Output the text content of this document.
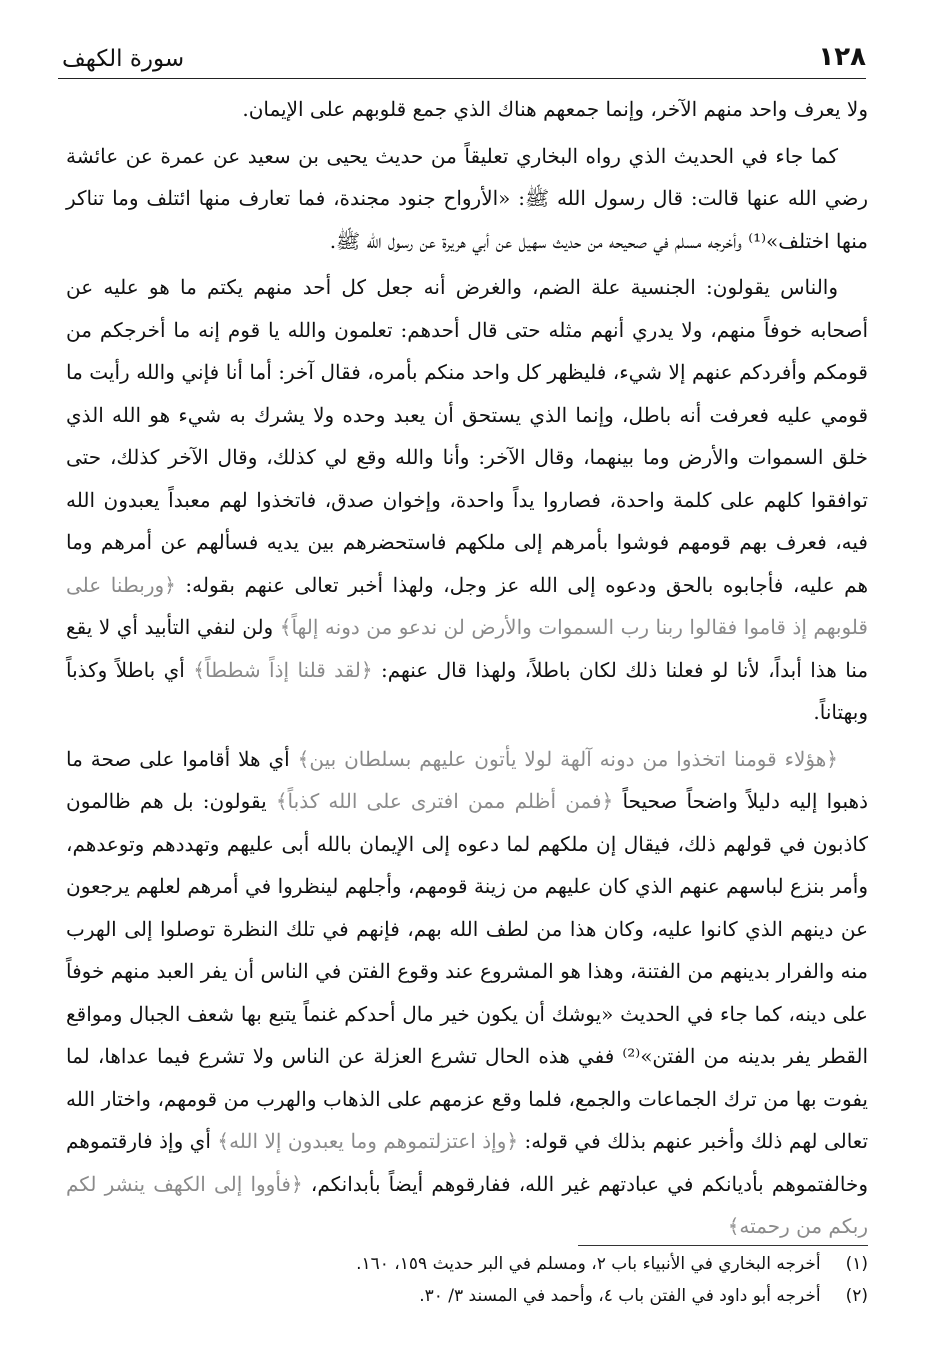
١٢٨
سورة الكهف

ولا يعرف واحد منهم الآخر، وإنما جمعهم هناك الذي جمع قلوبهم على الإيمان.

كما جاء في الحديث الذي رواه البخاري تعليقاً من حديث يحيى بن سعيد عن عمرة عن عائشة رضي الله عنها قالت: قال رسول الله ﷺ: «الأرواح جنود مجندة، فما تعارف منها ائتلف وما تناكر منها اختلف»⁽¹⁾ وأخرجه مسلم في صحيحه من حديث سهيل عن أبي هريرة عن رسول الله ﷺ.

والناس يقولون: الجنسية علة الضم، والغرض أنه جعل كل أحد منهم يكتم ما هو عليه عن أصحابه خوفاً منهم، ولا يدري أنهم مثله حتى قال أحدهم: تعلمون والله يا قوم إنه ما أخرجكم من قومكم وأفردكم عنهم إلا شيء، فليظهر كل واحد منكم بأمره، فقال آخر: أما أنا فإني والله رأيت ما قومي عليه فعرفت أنه باطل، وإنما الذي يستحق أن يعبد وحده ولا يشرك به شيء هو الله الذي خلق السموات والأرض وما بينهما، وقال الآخر: وأنا والله وقع لي كذلك، وقال الآخر كذلك، حتى توافقوا كلهم على كلمة واحدة، فصاروا يداً واحدة، وإخوان صدق، فاتخذوا لهم معبداً يعبدون الله فيه، فعرف بهم قومهم فوشوا بأمرهم إلى ملكهم فاستحضرهم بين يديه فسألهم عن أمرهم وما هم عليه، فأجابوه بالحق ودعوه إلى الله عز وجل، ولهذا أخبر تعالى عنهم بقوله: ﴿وربطنا على قلوبهم إذ قاموا فقالوا ربنا رب السموات والأرض لن ندعو من دونه إلهاً﴾ ولن لنفي التأبيد أي لا يقع منا هذا أبداً، لأنا لو فعلنا ذلك لكان باطلاً، ولهذا قال عنهم: ﴿لقد قلنا إذاً شططاً﴾ أي باطلاً وكذباً وبهتاناً.

﴿هؤلاء قومنا اتخذوا من دونه آلهة لولا يأتون عليهم بسلطان بين﴾ أي هلا أقاموا على صحة ما ذهبوا إليه دليلاً واضحاً صحيحاً ﴿فمن أظلم ممن افترى على الله كذباً﴾ يقولون: بل هم ظالمون كاذبون في قولهم ذلك، فيقال إن ملكهم لما دعوه إلى الإيمان بالله أبى عليهم وتهددهم وتوعدهم، وأمر بنزع لباسهم عنهم الذي كان عليهم من زينة قومهم، وأجلهم لينظروا في أمرهم لعلهم يرجعون عن دينهم الذي كانوا عليه، وكان هذا من لطف الله بهم، فإنهم في تلك النظرة توصلوا إلى الهرب منه والفرار بدينهم من الفتنة، وهذا هو المشروع عند وقوع الفتن في الناس أن يفر العبد منهم خوفاً على دينه، كما جاء في الحديث «يوشك أن يكون خير مال أحدكم غنماً يتبع بها شعف الجبال ومواقع القطر يفر بدينه من الفتن»⁽²⁾ ففي هذه الحال تشرع العزلة عن الناس ولا تشرع فيما عداها، لما يفوت بها من ترك الجماعات والجمع، فلما وقع عزمهم على الذهاب والهرب من قومهم، واختار الله تعالى لهم ذلك وأخبر عنهم بذلك في قوله: ﴿وإذ اعتزلتموهم وما يعبدون إلا الله﴾ أي وإذ فارقتموهم وخالفتموهم بأديانكم في عبادتهم غير الله، ففارقوهم أيضاً بأبدانكم، ﴿فأووا إلى الكهف ينشر لكم ربكم من رحمته﴾

(١) أخرجه البخاري في الأنبياء باب ٢، ومسلم في البر حديث ١٥٩، ١٦٠.
(٢) أخرجه أبو داود في الفتن باب ٤، وأحمد في المسند ٣/ ٣٠.
